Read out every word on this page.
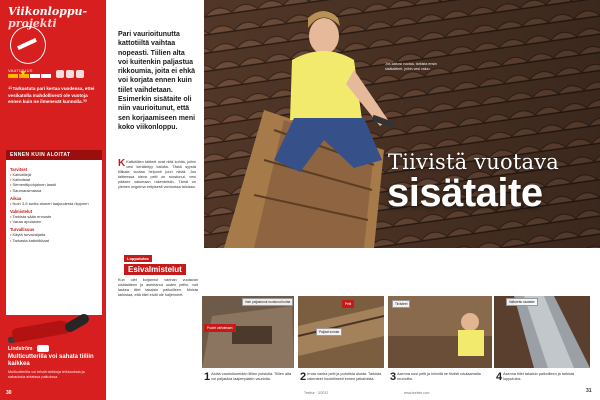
Viikonloppu-
projekti
VAATIVUUS
“Tarkastuta pari kertaa vuodessa, ettei vesikatolla mahdollisesti ole vuotoja ennen kuin ne ilmenevät kunnolla.”
ENNEN KUIN ALOITAT
Tarvitset
• Kattotiilejä
• Kattolistat
• Sementtipohjainen laasti
• Saumausmassa
Aikaa
• Noin 3-5 tuntia alueen laajuudesta riippuen
Valmistelut
• Tarkista sään ennuste
• Varaa apulainen
Turvallisuus
• Käytä turvavaljaita
• Tarkasta kattotikkaat
Lindström
Multicutterilla voi sahata tiiliin kaikkea
Multicutterilla voi tehdä tarkkoja leikkauksia ja sahauksia ahtaissa paikoissa.
30
Pari vaurioitunutta kattotiiltä vaihtaa nopeasti. Tiilien alta voi kuitenkin paljastua rikkoumia, joita ei ehkä voi korjata ennen kuin tiilet vaihdetaan. Esimerkin sisätaite oli niin vaurioitunut, että sen korjaamiseen meni koko viikonloppu.
K Kattotiilien taitteet ovat niitä kohtia, joihin vesi kerääntyy katolta. Tästä syystä tiilikate vuotaa helposti juuri niistä. Jos taitteessa oleva pelti on ruostunut, vesi pääsee valumaan rakenteisiin. Tämä on yleinen ongelma erityisesti vanhoissa taloissa.
Jos kattosi vuotaa, tarkista ensin sisätaitteet, joihin vesi valuu.
Tiivistä vuotava
sisätaite
Lopputulos
Esivalmistelut
Kun olet korjannut vanhan vuotavan sisätaitteen ja asentanut uuden pellin, voit laskea tiilet takaisin paikoilleen. Muista tarkistaa, että tiilet eivät ole haljenneet.
Vain paljastunut ruostunut kohta
Puolet vaihdetaan
Pelti
Paljaat kohdat
Tiivisteet	Vaihdettu sisätaite
1 Aloita vaurioituneiden tiilien poistolla. Tiilien alta voi paljastua laajempiakin vaurioita.	2 Irrota vanha pelti ja puhdista alusta. Tarkista rakenteet huolellisesti ennen jatkamista.	3 Asenna uusi pelti ja kiinnitä se tiiviisti naulaamalla reunoilta.	4 Asenna tiilet takaisin paikoilleen ja tarkista lopputulos.
Teeitse · 3/2012	www.teeitse.com	31
